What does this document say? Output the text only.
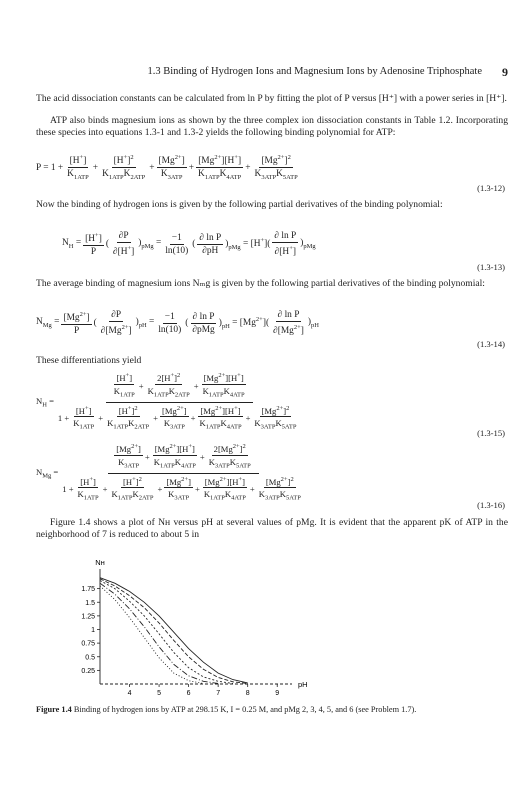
1.3 Binding of Hydrogen Ions and Magnesium Ions by Adenosine Triphosphate 9
The acid dissociation constants can be calculated from ln P by fitting the plot of P versus [H⁺] with a power series in [H⁺].
ATP also binds magnesium ions as shown by the three complex ion dissociation constants in Table 1.2. Incorporating these species into equations 1.3-1 and 1.3-2 yields the following binding polynomial for ATP:
$P = 1 + \frac{[H^+]}{K_{1ATP}} + \frac{[H^+]^2}{K_{1ATP}K_{2ATP}} + \frac{[Mg^{2+}]}{K_{3ATP}} + \frac{[Mg^{2+}][H^+]}{K_{1ATP}K_{4ATP}} + \frac{[Mg^{2+}]^2}{K_{3ATP}K_{5ATP}}$
(1.3-12)
Now the binding of hydrogen ions is given by the following partial derivatives of the binding polynomial:
$N_H = \frac{[H^+]}{P}$ ( $\frac{\partial P}{\partial[H^+]} )_{pMg} = \frac{-1}{\ln(10)}$ ( $\frac{\text{∂ ln P}}{\partial pH} )_{pMg} = [H^+]$ ( $\frac{\text{∂ ln P}}{\partial[H^+]} )_{pMg}$
(1.3-13)
The average binding of magnesium ions Nₘg is given by the following partial derivatives of the binding polynomial:
$N_{Mg} = \frac{[Mg^{2+}]}{P}$ ( $\frac{\partial P}{\partial[Mg^{2+}]} )_{pH} = \frac{-1}{\ln(10)}$ ( $\frac{\text{∂ ln P}}{\text{∂pMg}} )_{pH} = [Mg^{2+}]$ ( $\frac{\text{∂ ln P}}{\partial[Mg^{2+}]} )_{pH}$
(1.3-14)
These differentiations yield
$N_H$ =	$\frac{[H^+]}{K_{1ATP}} + \frac{2[H^+]^2}{K_{1ATP}K_{2ATP}} + \frac{[Mg^{2+}][H^+]}{K_{1ATP}K_{4ATP}}$
$1 + \frac{[H^+]}{K_{1ATP}} + \frac{[H^+]^2}{K_{1ATP}K_{2ATP}} + \frac{[Mg^{2+}]}{K_{3ATP}} + \frac{[Mg^{2+}][H^+]}{K_{1ATP}K_{4ATP}} + \frac{[Mg^{2+}]^2}{K_{3ATP}K_{5ATP}}$	(1.3-15)
$N_{Mg}$ =	$\frac{[Mg^{2+}]}{K_{3ATP}} + \frac{[Mg^{2+}][H^+]}{K_{1ATP}K_{4ATP}} + \frac{2[Mg^{2+}]^2}{K_{3ATP}K_{5ATP}}$
$1 + \frac{[H^+]}{K_{1ATP}} + \frac{[H^+]^2}{K_{1ATP}K_{2ATP}} + \frac{[Mg^{2+}]}{K_{3ATP}} + \frac{[Mg^{2+}][H^+]}{K_{1ATP}K_{4ATP}} + \frac{[Mg^{2+}]^2}{K_{3ATP}K_{5ATP}}$	(1.3-16)
Figure 1.4 shows a plot of Nʜ versus pH at several values of pMg. It is evident that the apparent pK of ATP in the neighborhood of 7 is reduced to about 5 in
Nʜ
pH
1.75
1.5
1.25
1
0.75
0.5
0.25
4	5	6	7	8	9
Figure 1.4 Binding of hydrogen ions by ATP at 298.15 K, I = 0.25 M, and pMg 2, 3, 4, 5, and 6 (see Problem 1.7).
